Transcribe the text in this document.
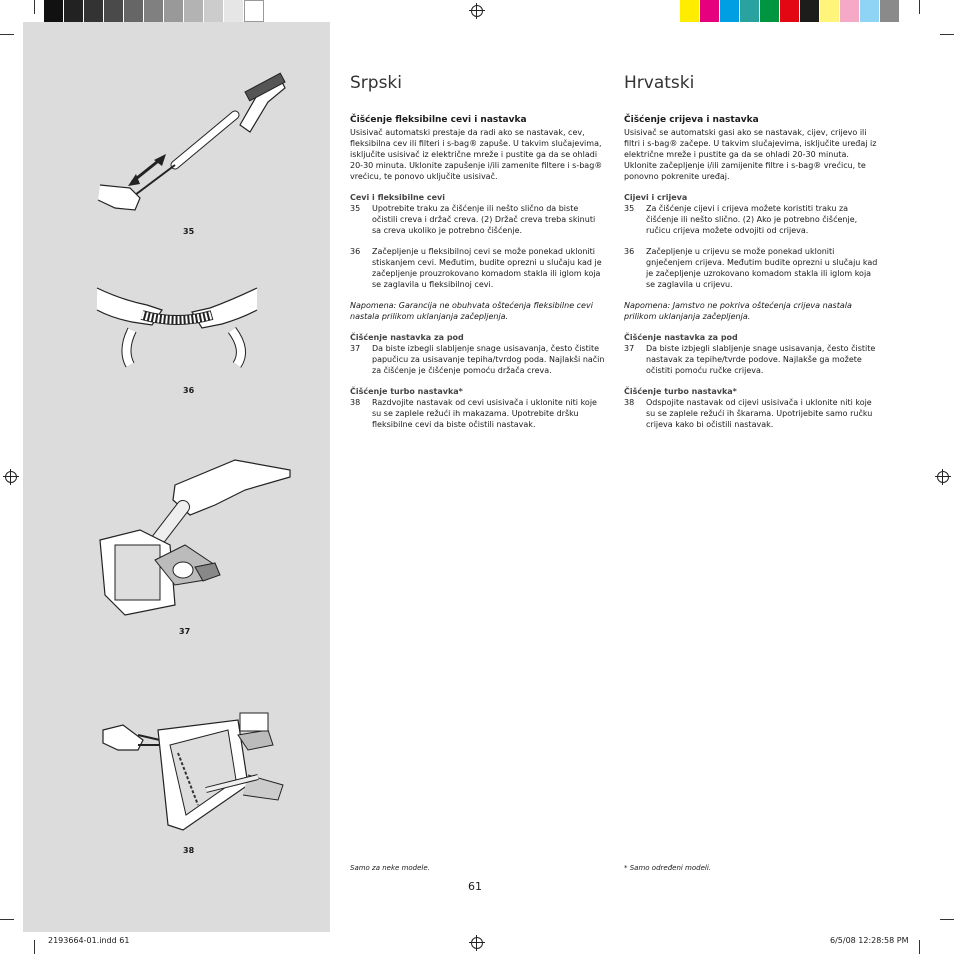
35
36
37
38
Srpski
Čišćenje fleksibilne cevi i nastavka
Usisivač automatski prestaje da radi ako se nastavak, cev, fleksibilna cev ili filteri i s-bag® zapuše. U takvim slučajevima, isključite usisivač iz električne mreže i pustite ga da se ohladi 20-30 minuta. Uklonite zapušenje i/ili zamenite filtere i s-bag® vrećicu, te ponovo uključite usisivač.
Cevi i fleksibilne cevi
35	Upotrebite traku za čišćenje ili nešto slično da biste očistili creva i držač creva. (2) Držač creva treba skinuti sa creva ukoliko je potrebno čišćenje.
36	Začepljenje u fleksibilnoj cevi se može ponekad ukloniti stiskanjem cevi. Međutim, budite oprezni u slučaju kad je začepljenje prouzrokovano komadom stakla ili iglom koja se zaglavila u fleksibilnoj cevi.
Napomena: Garancija ne obuhvata oštećenja fleksibilne cevi nastala prilikom uklanjanja začepljenja.
Čišćenje nastavka za pod
37	Da biste izbegli slabljenje snage usisavanja, često čistite papučicu za usisavanje tepiha/tvrdog poda. Najlakši način za čišćenje je čišćenje pomoću držača creva.
Čišćenje turbo nastavka*
38	Razdvojite nastavak od cevi usisivača i uklonite niti koje su se zaplele režući ih makazama. Upotrebite dršku fleksibilne cevi da biste očistili nastavak.
Hrvatski
Čišćenje crijeva i nastavka
Usisivač se automatski gasi ako se nastavak, cijev, crijevo ili filtri i s-bag® začepe. U takvim slučajevima, isključite uređaj iz električne mreže i pustite ga da se ohladi 20-30 minuta. Uklonite začepljenje i/ili zamijenite filtre i s-bag® vrećicu, te ponovno pokrenite uređaj.
Cijevi i crijeva
35	Za čišćenje cijevi i crijeva možete koristiti traku za čišćenje ili nešto slično. (2) Ako je potrebno čišćenje, ručicu crijeva možete odvojiti od crijeva.
36	Začepljenje u crijevu se može ponekad ukloniti gnječenjem crijeva. Međutim budite oprezni u slučaju kad je začepljenje uzrokovano komadom stakla ili iglom koja se zaglavila u crijevu.
Napomena: Jamstvo ne pokriva oštećenja crijeva nastala prilikom uklanjanja začepljenja.
Čišćenje nastavka za pod
37	Da biste izbjegli slabljenje snage usisavanja, često čistite nastavak za tepihe/tvrde podove. Najlakše ga možete očistiti pomoću ručke crijeva.
Čišćenje turbo nastavka*
38	Odspojite nastavak od cijevi usisivača i uklonite niti koje su se zaplele režući ih škarama. Upotrijebite samo ručku crijeva kako bi očistili nastavak.
Samo za neke modele.	* Samo određeni modeli.
61
2193664-01.indd 61	6/5/08 12:28:58 PM
